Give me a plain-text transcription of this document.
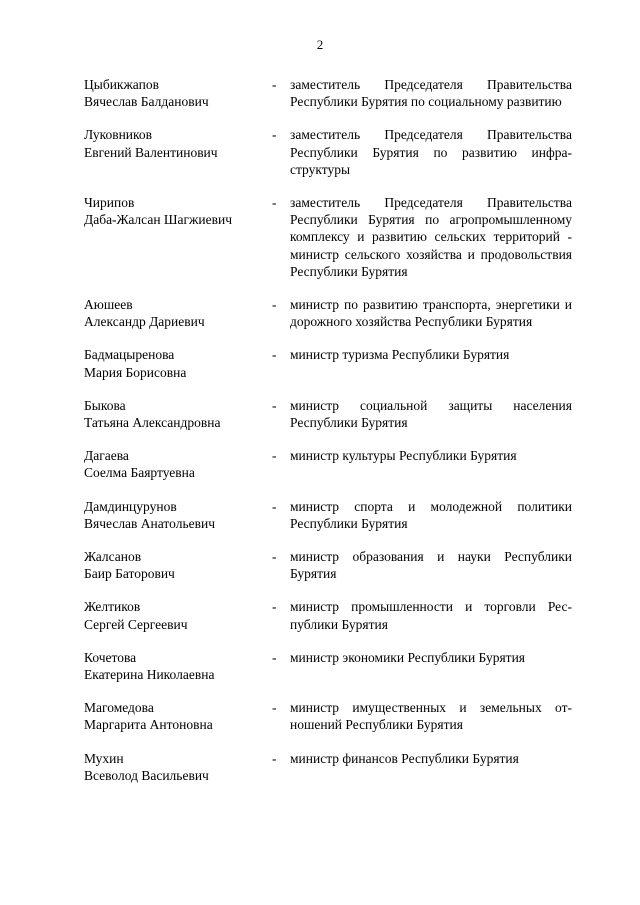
2
Цыбикжапов
Вячеслав Балданович
- заместитель Председателя Правительства Республики Бурятия по социальному развитию
Луковников
Евгений Валентинович
- заместитель Председателя Правительства Республики Бурятия по развитию инфраструктуры
Чирипов
Даба-Жалсан Шагжиевич
- заместитель Председателя Правительства Республики Бурятия по агропромышленному комплексу и развитию сельских территорий - министр сельского хозяйства и продовольствия Республики Бурятия
Аюшеев
Александр Дариевич
- министр по развитию транспорта, энергетики и дорожного хозяйства Республики Бурятия
Бадмацыренова
Мария Борисовна
- министр туризма Республики Бурятия
Быкова
Татьяна Александровна
- министр социальной защиты населения Республики Бурятия
Дагаева
Соелма Баяртуевна
- министр культуры Республики Бурятия
Дамдинцурунов
Вячеслав Анатольевич
- министр спорта и молодежной политики Республики Бурятия
Жалсанов
Баир Баторович
- министр образования и науки Республики Бурятия
Желтиков
Сергей Сергеевич
- министр промышленности и торговли Республики Бурятия
Кочетова
Екатерина Николаевна
- министр экономики Республики Бурятия
Магомедова
Маргарита Антоновна
- министр имущественных и земельных отношений Республики Бурятия
Мухин
Всеволод Васильевич
- министр финансов Республики Бурятия
